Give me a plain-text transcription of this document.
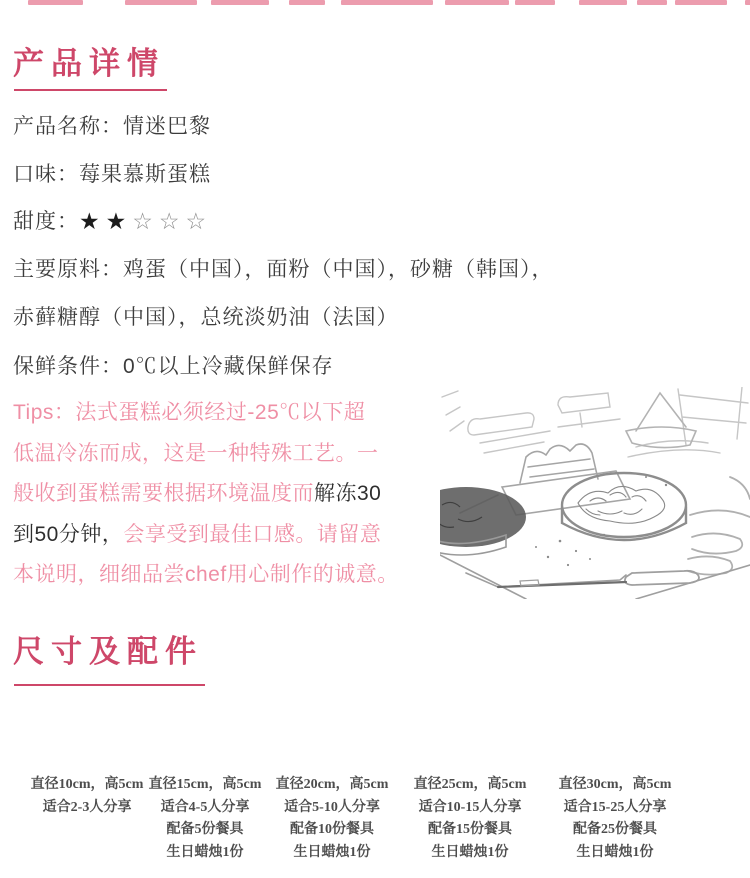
产品详情
产品名称：情迷巴黎
口味：莓果慕斯蛋糕
甜度：★★☆☆☆
主要原料：鸡蛋（中国），面粉（中国），砂糖（韩国），
赤藓糖醇（中国），总统淡奶油（法国）
保鲜条件：0℃以上冷藏保鲜保存
Tips：法式蛋糕必须经过-25℃以下超
低温冷冻而成，这是一种特殊工艺。一
般收到蛋糕需要根据环境温度而解冻30
到50分钟，会享受到最佳口感。请留意
本说明，细细品尝chef用心制作的诚意。
尺寸及配件
直径10cm，高5cm
适合2-3人分享
直径15cm，高5cm
适合4-5人分享
配备5份餐具
生日蜡烛1份
直径20cm，高5cm
适合5-10人分享
配备10份餐具
生日蜡烛1份
直径25cm，高5cm
适合10-15人分享
配备15份餐具
生日蜡烛1份
直径30cm，高5cm
适合15-25人分享
配备25份餐具
生日蜡烛1份
